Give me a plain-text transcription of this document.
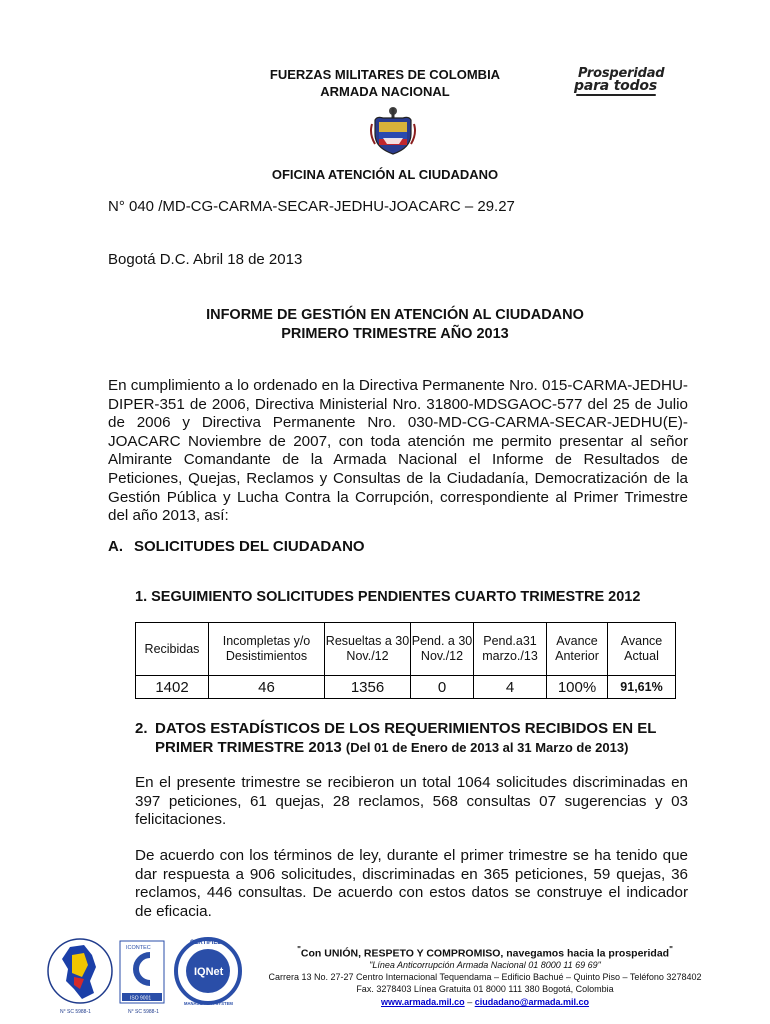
FUERZAS MILITARES DE COLOMBIA
ARMADA NACIONAL
Prosperidad
para todos
OFICINA ATENCIÓN AL CIUDADANO
N° 040 /MD-CG-CARMA-SECAR-JEDHU-JOACARC – 29.27
Bogotá D.C. Abril 18 de 2013
INFORME DE GESTIÓN EN ATENCIÓN AL CIUDADANO
PRIMERO TRIMESTRE AÑO 2013
En cumplimiento a lo ordenado en la Directiva Permanente Nro. 015-CARMA-JEDHU-DIPER-351 de 2006, Directiva Ministerial Nro. 31800-MDSGAOC-577 del 25 de Julio de 2006 y Directiva Permanente Nro. 030-MD-CG-CARMA-SECAR-JEDHU(E)-JOACARC Noviembre de 2007, con toda atención me permito presentar al señor Almirante Comandante de la Armada Nacional el Informe de Resultados de Peticiones, Quejas, Reclamos y Consultas de la Ciudadanía, Democratización de la Gestión Pública y Lucha Contra la Corrupción, correspondiente al Primer Trimestre del año 2013, así:
A. SOLICITUDES DEL CIUDADANO
1. SEGUIMIENTO SOLICITUDES PENDIENTES CUARTO TRIMESTRE 2012
Recibidas	Incompletas y/o Desistimientos	Resueltas a 30 Nov./12	Pend. a 30 Nov./12	Pend.a31 marzo./13	Avance Anterior	Avance Actual
1402	46	1356	0	4	100%	91,61%
2. DATOS ESTADÍSTICOS DE LOS REQUERIMIENTOS RECIBIDOS EN EL
PRIMER TRIMESTRE 2013 (Del 01 de Enero de 2013 al 31 Marzo de 2013)
En el presente trimestre se recibieron un total 1064 solicitudes discriminadas en 397 peticiones, 61 quejas, 28 reclamos, 568 consultas 07 sugerencias y 03 felicitaciones.
De acuerdo con los términos de ley, durante el primer trimestre se ha tenido que dar respuesta a 906 solicitudes, discriminadas en 365 peticiones, 59 quejas, 36 reclamos, 446 consultas. De acuerdo con estos datos se construye el indicador de eficacia.
N° SC 5988-1
ICONTEC
ISO 9001
N° SC 5988-1
IQNet
CERTIFIED
MANAGEMENT SYSTEM
"Con UNIÓN, RESPETO Y COMPROMISO, navegamos hacia la prosperidad"
"Línea Anticorrupción Armada Nacional 01 8000 11 69 69"
Carrera 13 No. 27-27 Centro Internacional Tequendama – Edificio Bachué – Quinto Piso – Teléfono 3278402
Fax. 3278403 Línea Gratuita 01 8000 111 380 Bogotá, Colombia
www.armada.mil.co – ciudadano@armada.mil.co
